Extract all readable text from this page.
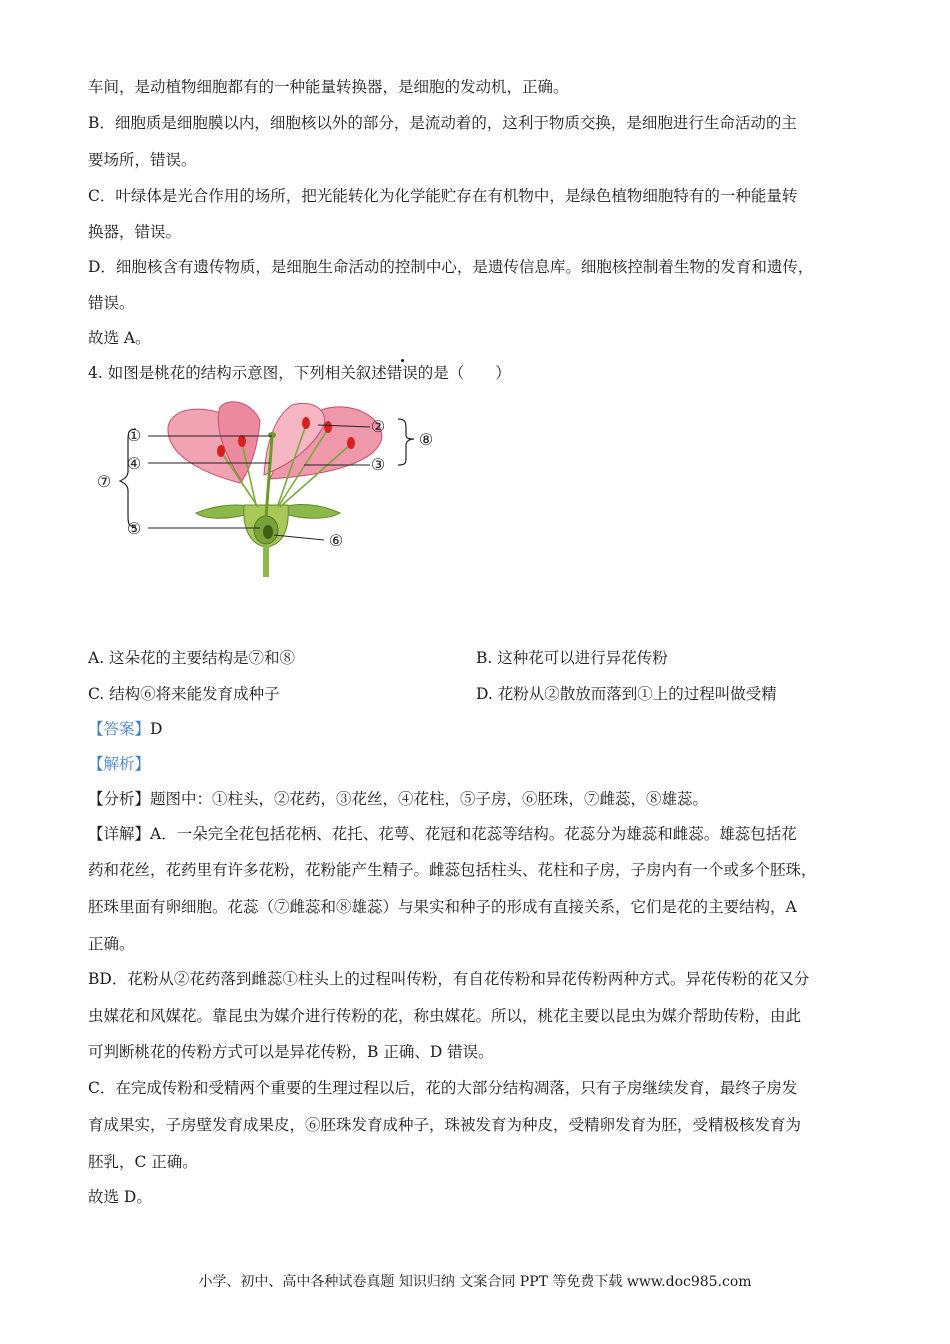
车间，是动植物细胞都有的一种能量转换器，是细胞的发动机，正确。
B．细胞质是细胞膜以内，细胞核以外的部分，是流动着的，这利于物质交换，是细胞进行生命活动的主
要场所，错误。
C．叶绿体是光合作用的场所，把光能转化为化学能贮存在有机物中，是绿色植物细胞特有的一种能量转
换器，错误。
D．细胞核含有遗传物质，是细胞生命活动的控制中心，是遗传信息库。细胞核控制着生物的发育和遗传，
错误。
故选 A。
4. 如图是桃花的结构示意图，下列相关叙述错误的是（　　）
①	②
③
④
⑤
⑥
⑦
⑧
A. 这朵花的主要结构是⑦和⑧	B. 这种花可以进行异花传粉
C. 结构⑥将来能发育成种子	D. 花粉从②散放而落到①上的过程叫做受精
【答案】D
【解析】
【分析】题图中：①柱头，②花药，③花丝，④花柱，⑤子房，⑥胚珠，⑦雌蕊，⑧雄蕊。
【详解】A．一朵完全花包括花柄、花托、花萼、花冠和花蕊等结构。花蕊分为雄蕊和雌蕊。雄蕊包括花
药和花丝，花药里有许多花粉，花粉能产生精子。雌蕊包括柱头、花柱和子房，子房内有一个或多个胚珠，
胚珠里面有卵细胞。花蕊（⑦雌蕊和⑧雄蕊）与果实和种子的形成有直接关系，它们是花的主要结构，A
正确。
BD．花粉从②花药落到雌蕊①柱头上的过程叫传粉，有自花传粉和异花传粉两种方式。异花传粉的花又分
虫媒花和风媒花。靠昆虫为媒介进行传粉的花，称虫媒花。所以，桃花主要以昆虫为媒介帮助传粉，由此
可判断桃花的传粉方式可以是异花传粉，B 正确、D 错误。
C．在完成传粉和受精两个重要的生理过程以后，花的大部分结构凋落，只有子房继续发育，最终子房发
育成果实，子房壁发育成果皮，⑥胚珠发育成种子，珠被发育为种皮，受精卵发育为胚，受精极核发育为
胚乳，C 正确。
故选 D。
小学、初中、高中各种试卷真题 知识归纳 文案合同 PPT 等免费下载 www.doc985.com
